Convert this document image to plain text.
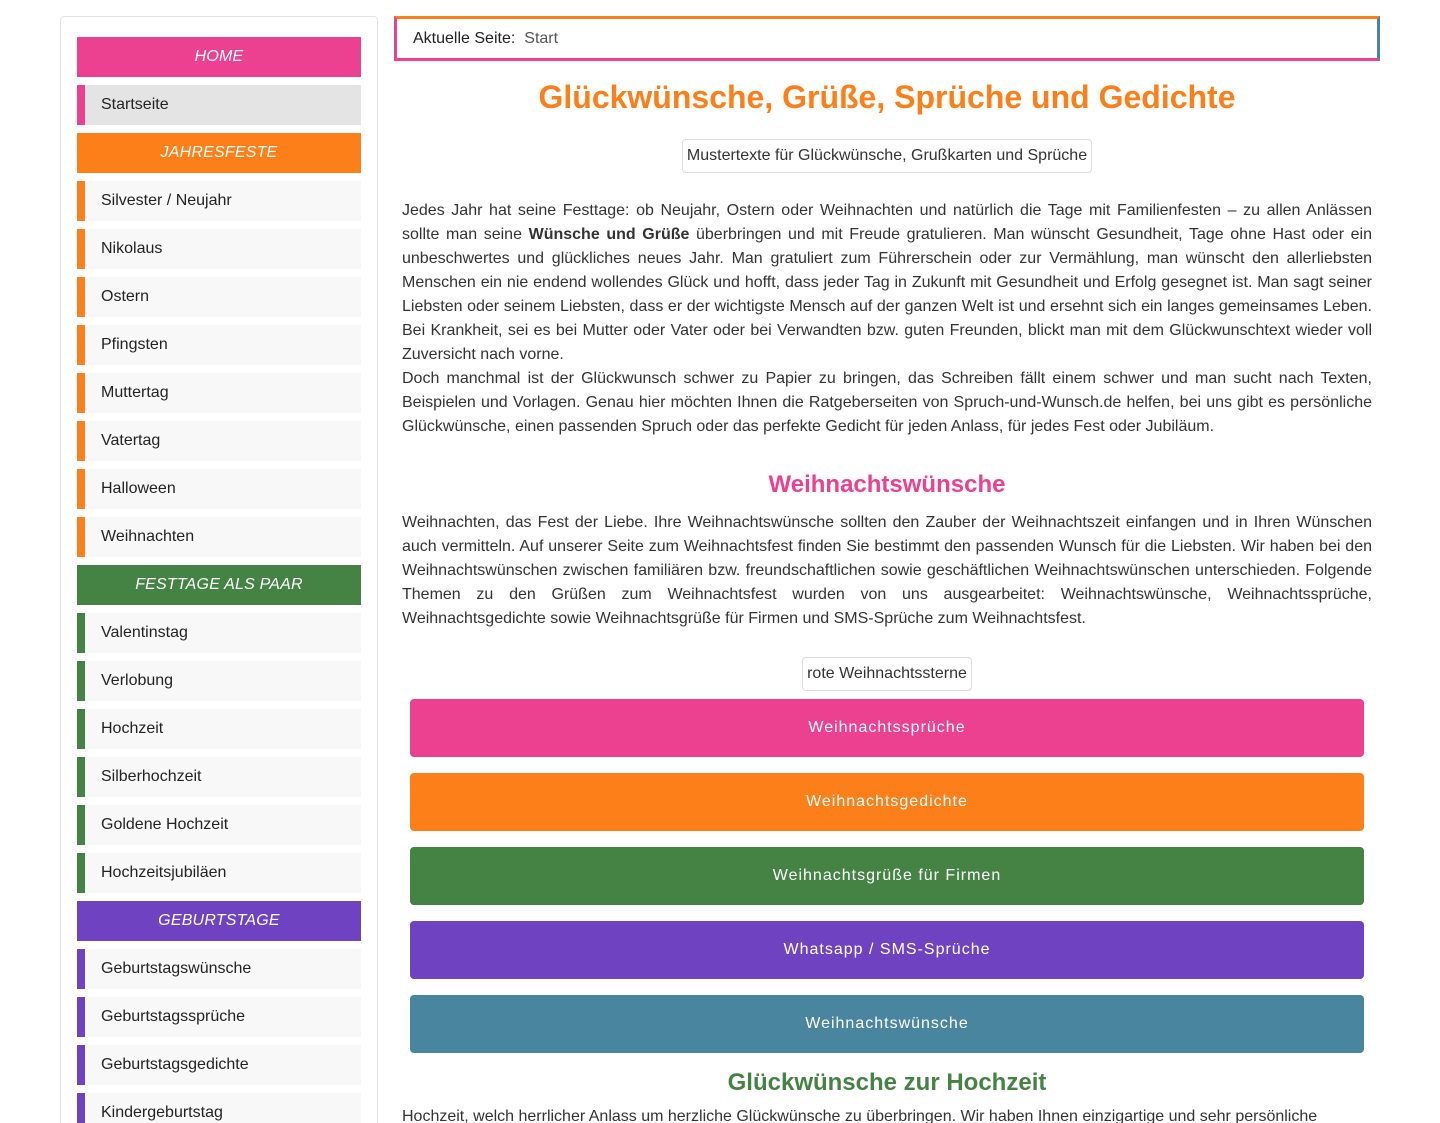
HOME
Startseite
JAHRESFESTE
Silvester / Neujahr
Nikolaus
Ostern
Pfingsten
Muttertag
Vatertag
Halloween
Weihnachten
FESTTAGE ALS PAAR
Valentinstag
Verlobung
Hochzeit
Silberhochzeit
Goldene Hochzeit
Hochzeitsjubiläen
GEBURTSTAGE
Geburtstagswünsche
Geburtstagssprüche
Geburtstagsgedichte
Kindergeburtstag
Aktuelle Seite: Start
Glückwünsche, Grüße, Sprüche und Gedichte
Mustertexte für Glückwünsche, Grußkarten und Sprüche

Jedes Jahr hat seine Festtage: ob Neujahr, Ostern oder Weihnachten und natürlich die Tage mit Familienfesten – zu allen Anlässen sollte man seine Wünsche und Grüße überbringen und mit Freude gratulieren. Man wünscht Gesundheit, Tage ohne Hast oder ein unbeschwertes und glückliches neues Jahr. Man gratuliert zum Führerschein oder zur Vermählung, man wünscht den allerliebsten Menschen ein nie endend wollendes Glück und hofft, dass jeder Tag in Zukunft mit Gesundheit und Erfolg gesegnet ist. Man sagt seiner Liebsten oder seinem Liebsten, dass er der wichtigste Mensch auf der ganzen Welt ist und ersehnt sich ein langes gemeinsames Leben. Bei Krankheit, sei es bei Mutter oder Vater oder bei Verwandten bzw. guten Freunden, blickt man mit dem Glückwunschtext wieder voll Zuversicht nach vorne.

Doch manchmal ist der Glückwunsch schwer zu Papier zu bringen, das Schreiben fällt einem schwer und man sucht nach Texten, Beispielen und Vorlagen. Genau hier möchten Ihnen die Ratgeberseiten von Spruch-und-Wunsch.de helfen, bei uns gibt es persönliche Glückwünsche, einen passenden Spruch oder das perfekte Gedicht für jeden Anlass, für jedes Fest oder Jubiläum.

Weihnachtswünsche

Weihnachten, das Fest der Liebe. Ihre Weihnachtswünsche sollten den Zauber der Weihnachtszeit einfangen und in Ihren Wünschen auch vermitteln. Auf unserer Seite zum Weihnachtsfest finden Sie bestimmt den passenden Wunsch für die Liebsten. Wir haben bei den Weihnachtswünschen zwischen familiären bzw. freundschaftlichen sowie geschäftlichen Weihnachtswünschen unterschieden. Folgende Themen zu den Grüßen zum Weihnachtsfest wurden von uns ausgearbeitet: Weihnachtswünsche, Weihnachtssprüche, Weihnachtsgedichte sowie Weihnachtsgrüße für Firmen und SMS-Sprüche zum Weihnachtsfest.

rote Weihnachtssterne
Weihnachtssprüche
Weihnachtsgedichte
Weihnachtsgrüße für Firmen
Whatsapp / SMS-Sprüche
Weihnachtswünsche
Glückwünsche zur Hochzeit

Hochzeit, welch herrlicher Anlass um herzliche Glückwünsche zu überbringen. Wir haben Ihnen einzigartige und sehr persönliche
